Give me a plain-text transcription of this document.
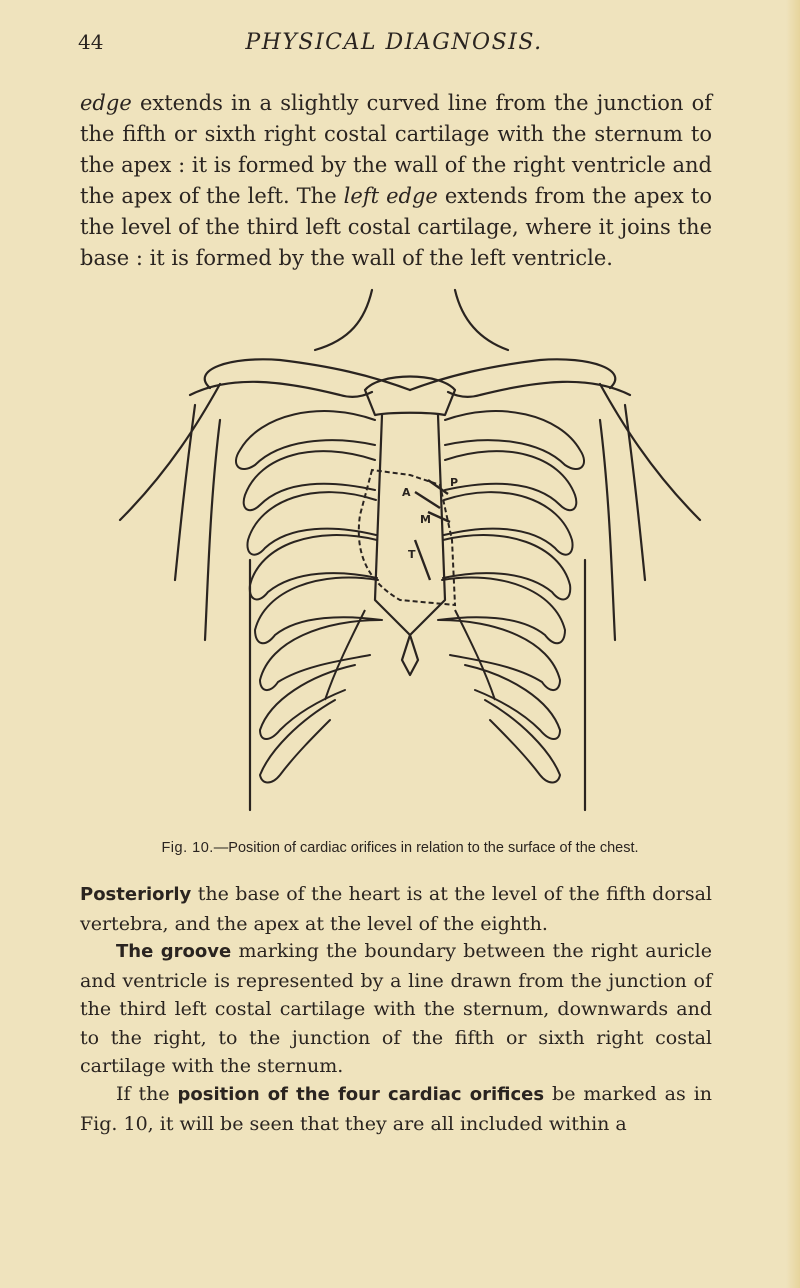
44	PHYSICAL DIAGNOSIS.

edge extends in a slightly curved line from the junction of the fifth or sixth right costal cartilage with the sternum to the apex : it is formed by the wall of the right ventricle and the apex of the left. The left edge extends from the apex to the level of the third left costal cartilage, where it joins the base : it is formed by the wall of the left ventricle.

A
P
M
T
Fig. 10.—Position of cardiac orifices in relation to the surface of the chest.

Posteriorly the base of the heart is at the level of the fifth dorsal vertebra, and the apex at the level of the eighth.

The groove marking the boundary between the right auricle and ventricle is represented by a line drawn from the junction of the third left costal cartilage with the sternum, downwards and to the right, to the junction of the fifth or sixth right costal cartilage with the sternum.

If the position of the four cardiac orifices be marked as in Fig. 10, it will be seen that they are all included within a
